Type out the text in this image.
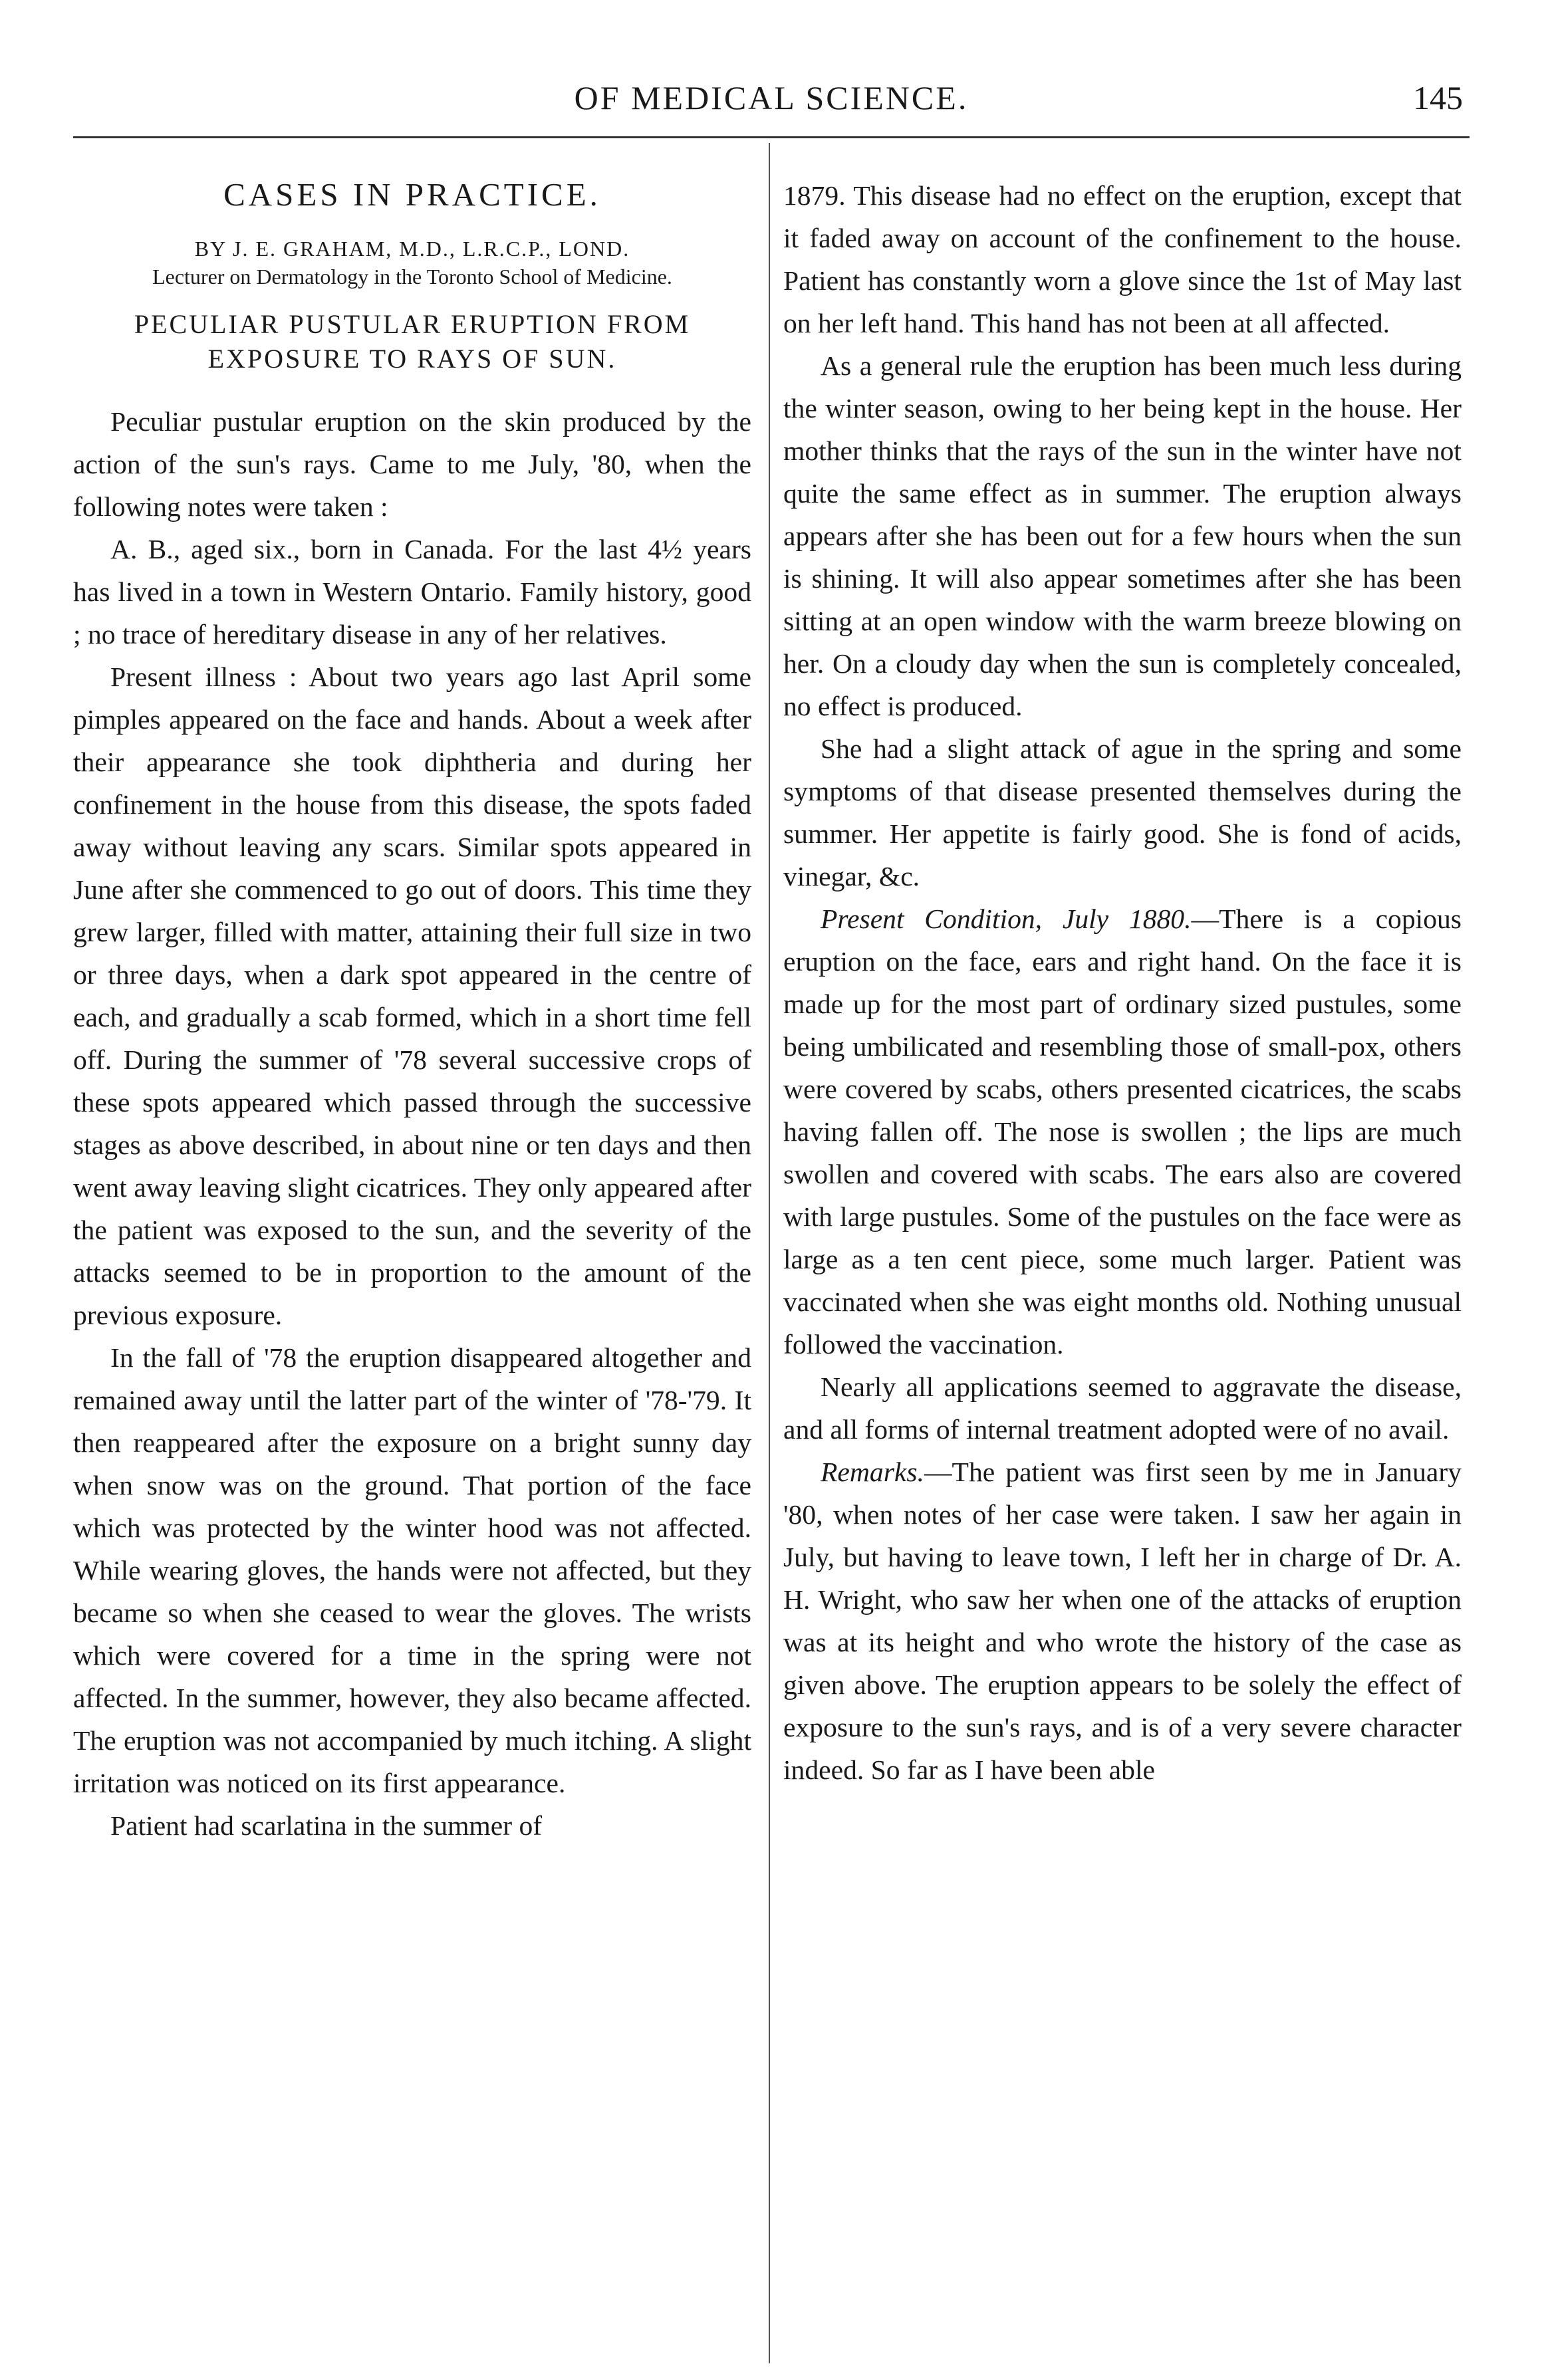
OF MEDICAL SCIENCE.	145
CASES IN PRACTICE.
BY J. E. GRAHAM, M.D., L.R.C.P., LOND.
Lecturer on Dermatology in the Toronto School of Medicine.
PECULIAR PUSTULAR ERUPTION FROM EXPOSURE TO RAYS OF SUN.

Peculiar pustular eruption on the skin produced by the action of the sun's rays. Came to me July, '80, when the following notes were taken :

A. B., aged six., born in Canada. For the last 4½ years has lived in a town in Western Ontario. Family history, good ; no trace of hereditary disease in any of her relatives.

Present illness : About two years ago last April some pimples appeared on the face and hands. About a week after their appearance she took diphtheria and during her confinement in the house from this disease, the spots faded away without leaving any scars. Similar spots appeared in June after she commenced to go out of doors. This time they grew larger, filled with matter, attaining their full size in two or three days, when a dark spot appeared in the centre of each, and gradually a scab formed, which in a short time fell off. During the summer of '78 several successive crops of these spots appeared which passed through the successive stages as above described, in about nine or ten days and then went away leaving slight cicatrices. They only appeared after the patient was exposed to the sun, and the severity of the attacks seemed to be in proportion to the amount of the previous exposure.

In the fall of '78 the eruption disappeared altogether and remained away until the latter part of the winter of '78-'79. It then reappeared after the exposure on a bright sunny day when snow was on the ground. That portion of the face which was protected by the winter hood was not affected. While wearing gloves, the hands were not affected, but they became so when she ceased to wear the gloves. The wrists which were covered for a time in the spring were not affected. In the summer, however, they also became affected. The eruption was not accompanied by much itching. A slight irritation was noticed on its first appearance.

Patient had scarlatina in the summer of

1879. This disease had no effect on the eruption, except that it faded away on account of the confinement to the house. Patient has constantly worn a glove since the 1st of May last on her left hand. This hand has not been at all affected.

As a general rule the eruption has been much less during the winter season, owing to her being kept in the house. Her mother thinks that the rays of the sun in the winter have not quite the same effect as in summer. The eruption always appears after she has been out for a few hours when the sun is shining. It will also appear sometimes after she has been sitting at an open window with the warm breeze blowing on her. On a cloudy day when the sun is completely concealed, no effect is produced.

She had a slight attack of ague in the spring and some symptoms of that disease presented themselves during the summer. Her appetite is fairly good. She is fond of acids, vinegar, &c.

Present Condition, July 1880.—There is a copious eruption on the face, ears and right hand. On the face it is made up for the most part of ordinary sized pustules, some being umbilicated and resembling those of small-pox, others were covered by scabs, others presented cicatrices, the scabs having fallen off. The nose is swollen ; the lips are much swollen and covered with scabs. The ears also are covered with large pustules. Some of the pustules on the face were as large as a ten cent piece, some much larger. Patient was vaccinated when she was eight months old. Nothing unusual followed the vaccination.

Nearly all applications seemed to aggravate the disease, and all forms of internal treatment adopted were of no avail.

Remarks.—The patient was first seen by me in January '80, when notes of her case were taken. I saw her again in July, but having to leave town, I left her in charge of Dr. A. H. Wright, who saw her when one of the attacks of eruption was at its height and who wrote the history of the case as given above. The eruption appears to be solely the effect of exposure to the sun's rays, and is of a very severe character indeed. So far as I have been able
